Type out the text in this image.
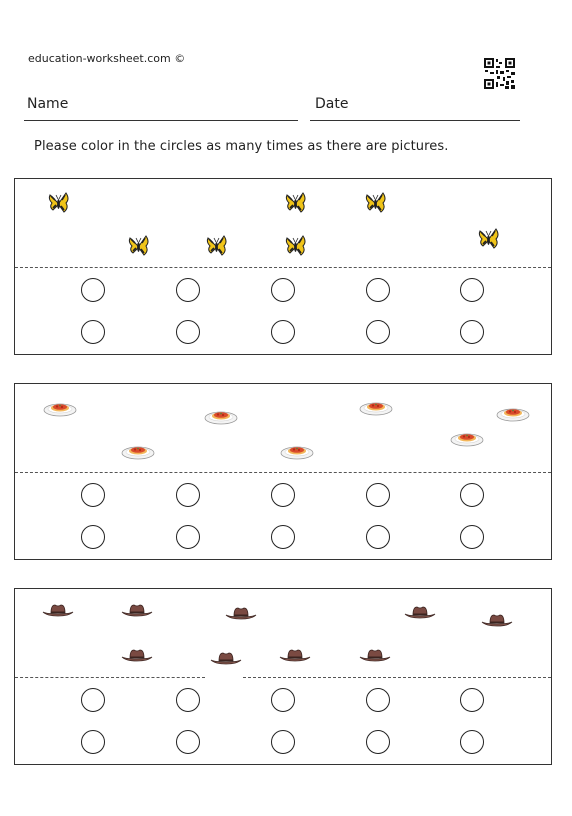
education-worksheet.com ©
Name	Date
Please color in the circles as many times as there are pictures.
